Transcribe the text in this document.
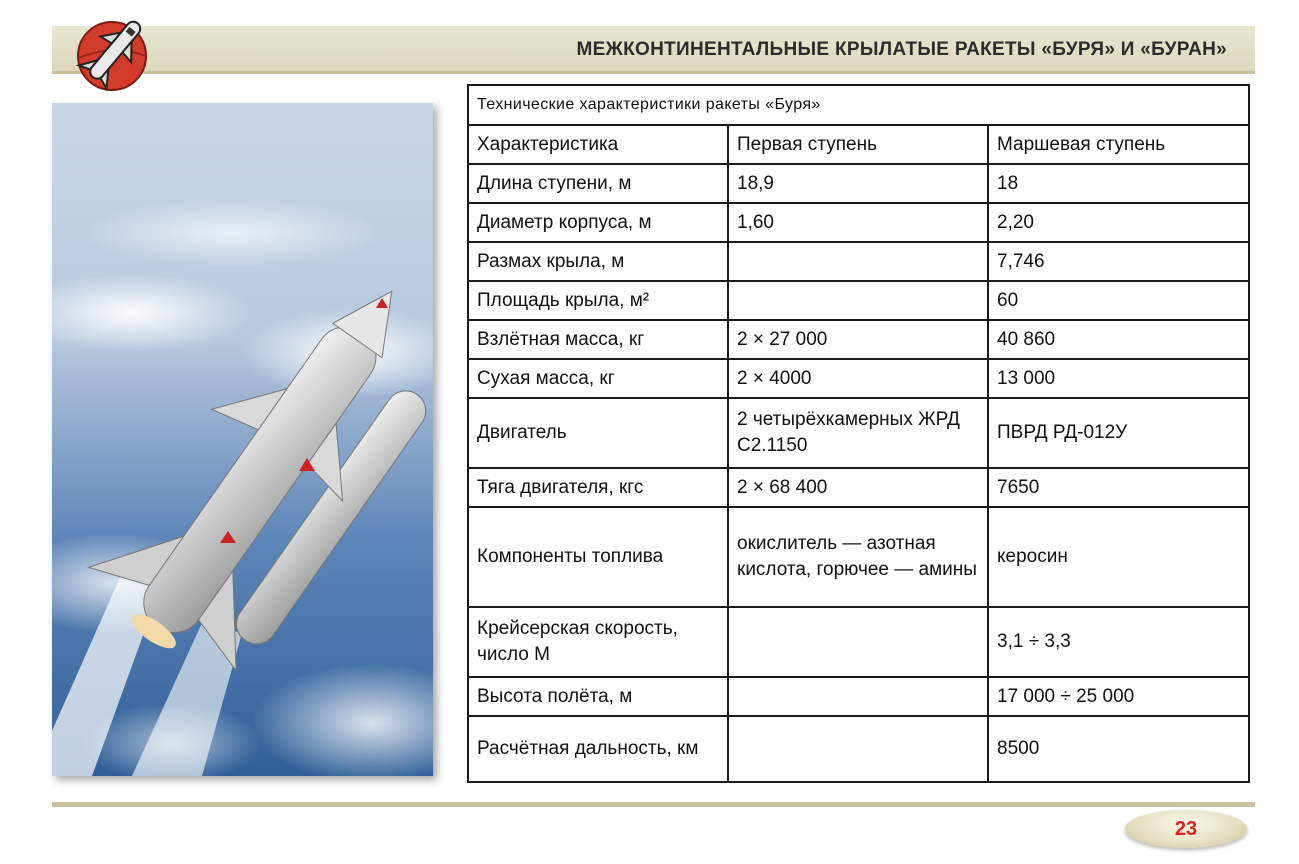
МЕЖКОНТИНЕНТАЛЬНЫЕ КРЫЛАТЫЕ РАКЕТЫ «БУРЯ» И «БУРАН»
Технические характеристики ракеты «Буря»		
Характеристика	Первая ступень	Маршевая ступень
Длина ступени, м	18,9	18
Диаметр корпуса, м	1,60	2,20
Размах крыла, м		7,746
Площадь крыла, м²		60
Взлётная масса, кг	2 × 27 000	40 860
Сухая масса, кг	2 × 4000	13 000
Двигатель	2 четырёхкамерных ЖРД С2.1150	ПВРД РД-012У
Тяга двигателя, кгс	2 × 68 400	7650
Компоненты топлива	окислитель — азотная кислота, горючее — амины	керосин
Крейсерская скорость, число М		3,1 ÷ 3,3
Высота полёта, м		17 000 ÷ 25 000
Расчётная дальность, км		8500
23
